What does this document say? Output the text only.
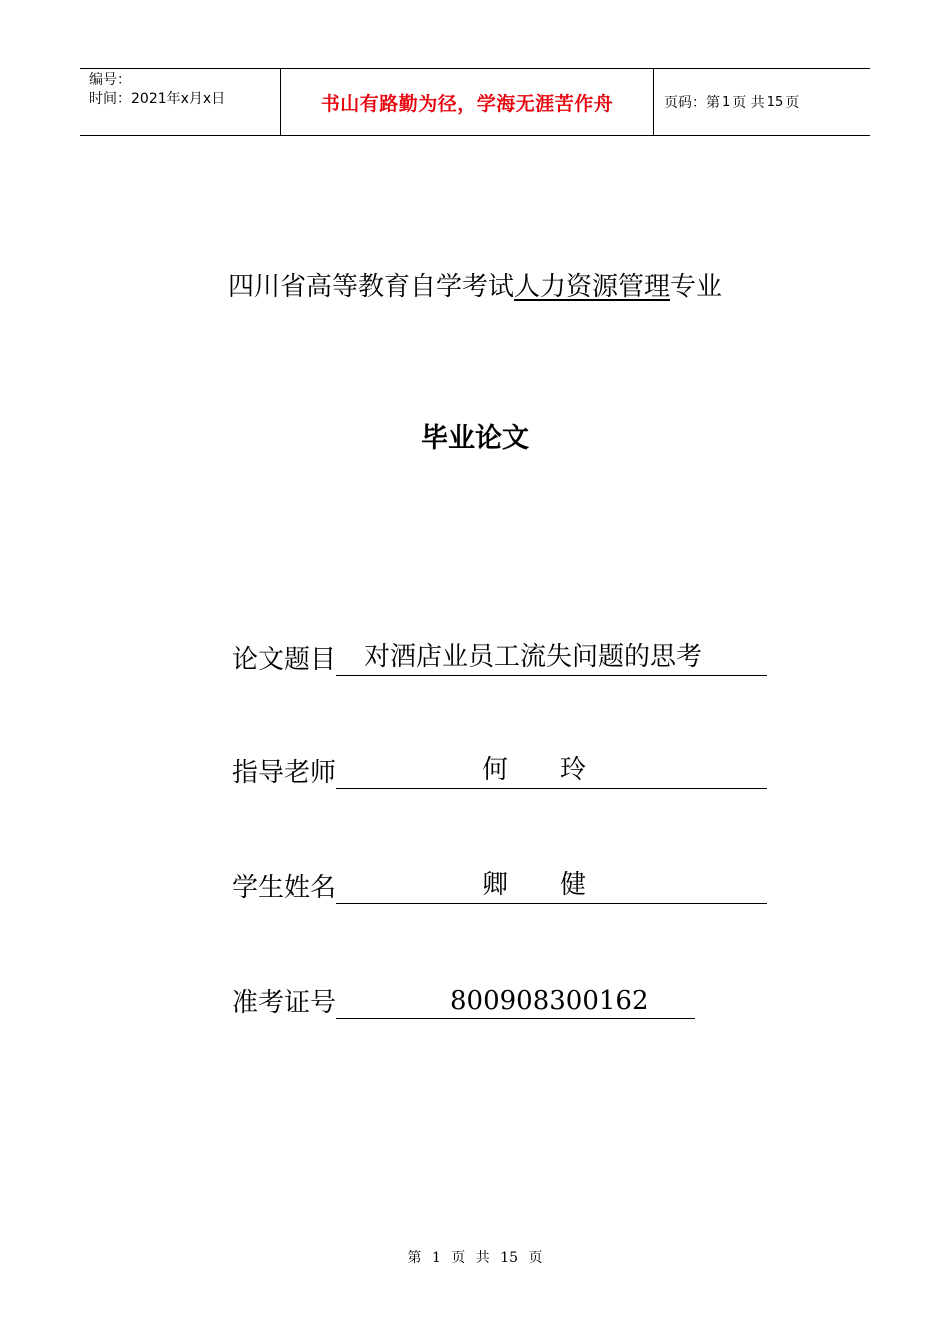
编号：
时间：2021年x月x日	书山有路勤为径，学海无涯苦作舟	页码：第 1 页 共 15 页
四川省高等教育自学考试人力资源管理专业
毕业论文
论文题目 对酒店业员工流失问题的思考
指导老师	何　　玲
学生姓名	卿　　健
准考证号	800908300162
第 1 页 共 15 页
